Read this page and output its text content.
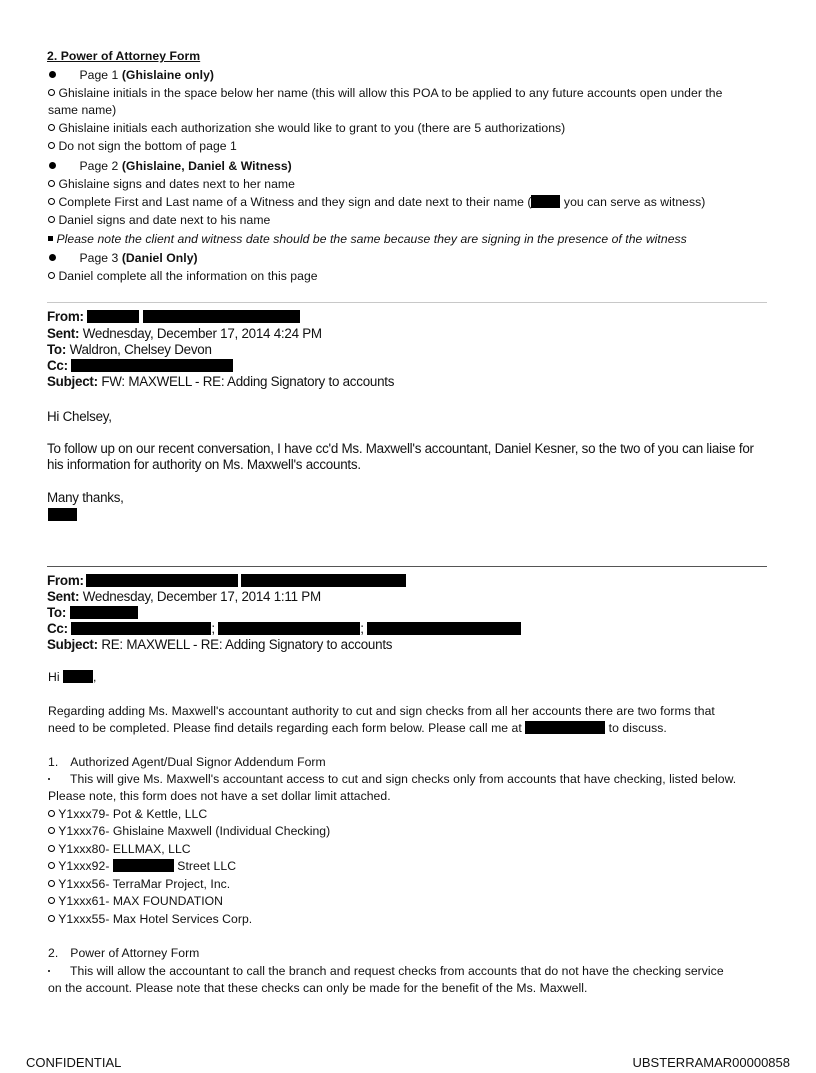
2. Power of Attorney Form
Page 1 (Ghislaine only)
Ghislaine initials in the space below her name (this will allow this POA to be applied to any future accounts open under the
same name)
Ghislaine initials each authorization she would like to grant to you (there are 5 authorizations)
Do not sign the bottom of page 1
Page 2 (Ghislaine, Daniel & Witness)
Ghislaine signs and dates next to her name
Complete First and Last name of a Witness and they sign and date next to their name (	you can serve as witness)
Daniel signs and date next to his name
Please note the client and witness date should be the same because they are signing in the presence of the witness
Page 3 (Daniel Only)
Daniel complete all the information on this page
From:
Sent: Wednesday, December 17, 2014 4:24 PM
To: Waldron, Chelsey Devon
Cc:
Subject: FW: MAXWELL - RE: Adding Signatory to accounts
Hi Chelsey,
To follow up on our recent conversation, I have cc'd Ms. Maxwell's accountant, Daniel Kesner, so the two of you can liaise for his information for authority on Ms. Maxwell's accounts.
Many thanks,
From:
Sent: Wednesday, December 17, 2014 1:11 PM
To:
Cc:	;	;
Subject: RE: MAXWELL - RE: Adding Signatory to accounts
Hi	,
Regarding adding Ms. Maxwell's accountant authority to cut and sign checks from all her accounts there are two forms that
need to be completed. Please find details regarding each form below. Please call me at	to discuss.
1. Authorized Agent/Dual Signor Addendum Form
This will give Ms. Maxwell's accountant access to cut and sign checks only from accounts that have checking, listed below.
Please note, this form does not have a set dollar limit attached.
Y1xxx79- Pot & Kettle, LLC
Y1xxx76- Ghislaine Maxwell (Individual Checking)
Y1xxx80- ELLMAX, LLC
Y1xxx92-	Street LLC
Y1xxx56- TerraMar Project, Inc.
Y1xxx61- MAX FOUNDATION
Y1xxx55- Max Hotel Services Corp.
2. Power of Attorney Form
This will allow the accountant to call the branch and request checks from accounts that do not have the checking service
on the account. Please note that these checks can only be made for the benefit of the Ms. Maxwell.
CONFIDENTIAL	UBSTERRAMAR00000858
